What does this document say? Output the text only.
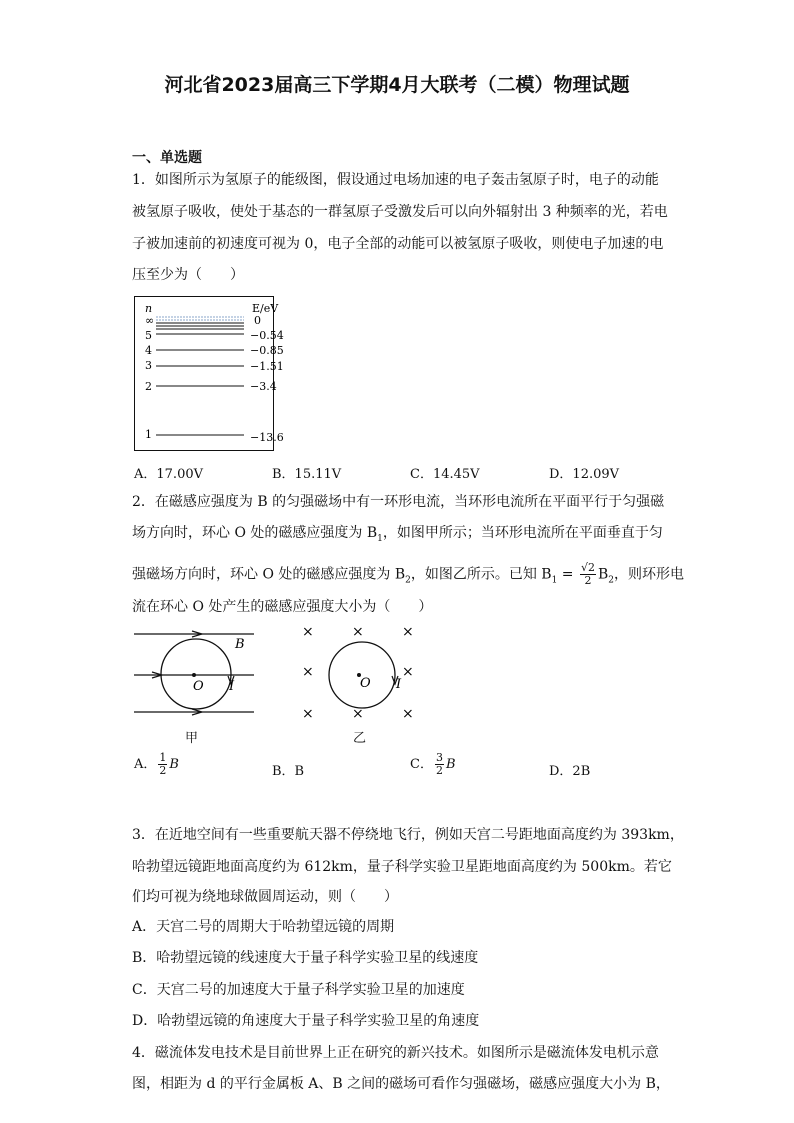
河北省2023届高三下学期4月大联考（二模）物理试题
一、单选题
1．如图所示为氢原子的能级图，假设通过电场加速的电子轰击氢原子时，电子的动能
被氢原子吸收，使处于基态的一群氢原子受激发后可以向外辐射出 3 种频率的光，若电
子被加速前的初速度可视为 0，电子全部的动能可以被氢原子吸收，则使电子加速的电
压至少为（　　）
n	E/eV
∞	0
5	−0.54
4	−0.85
3	−1.51
2	−3.4
1	−13.6
A．17.00V	B．15.11V	C．14.45V	D．12.09V
2．在磁感应强度为 B 的匀强磁场中有一环形电流，当环形电流所在平面平行于匀强磁
场方向时，环心 O 处的磁感应强度为 $B_1$，如图甲所示；当环形电流所在平面垂直于匀
强磁场方向时，环心 O 处的磁感应强度为 $B_2$，如图乙所示。已知 $B_1 = \frac{√2}{2} B_2$，则环形电
流在环心 O 处产生的磁感应强度大小为（　　）
B
O I
甲
×	×	×
×	×
×	×	×
O I
乙
A． $\frac{1}{2}$ B	B．B	C． $\frac{3}{2}$ B	D．2B
3．在近地空间有一些重要航天器不停绕地飞行，例如天宫二号距地面高度约为 393km，
哈勃望远镜距地面高度约为 612km，量子科学实验卫星距地面高度约为 500km。若它
们均可视为绕地球做圆周运动，则（　　）
A．天宫二号的周期大于哈勃望远镜的周期
B．哈勃望远镜的线速度大于量子科学实验卫星的线速度
C．天宫二号的加速度大于量子科学实验卫星的加速度
D．哈勃望远镜的角速度大于量子科学实验卫星的角速度
4．磁流体发电技术是目前世界上正在研究的新兴技术。如图所示是磁流体发电机示意
图，相距为 d 的平行金属板 A、B 之间的磁场可看作匀强磁场，磁感应强度大小为 B，
